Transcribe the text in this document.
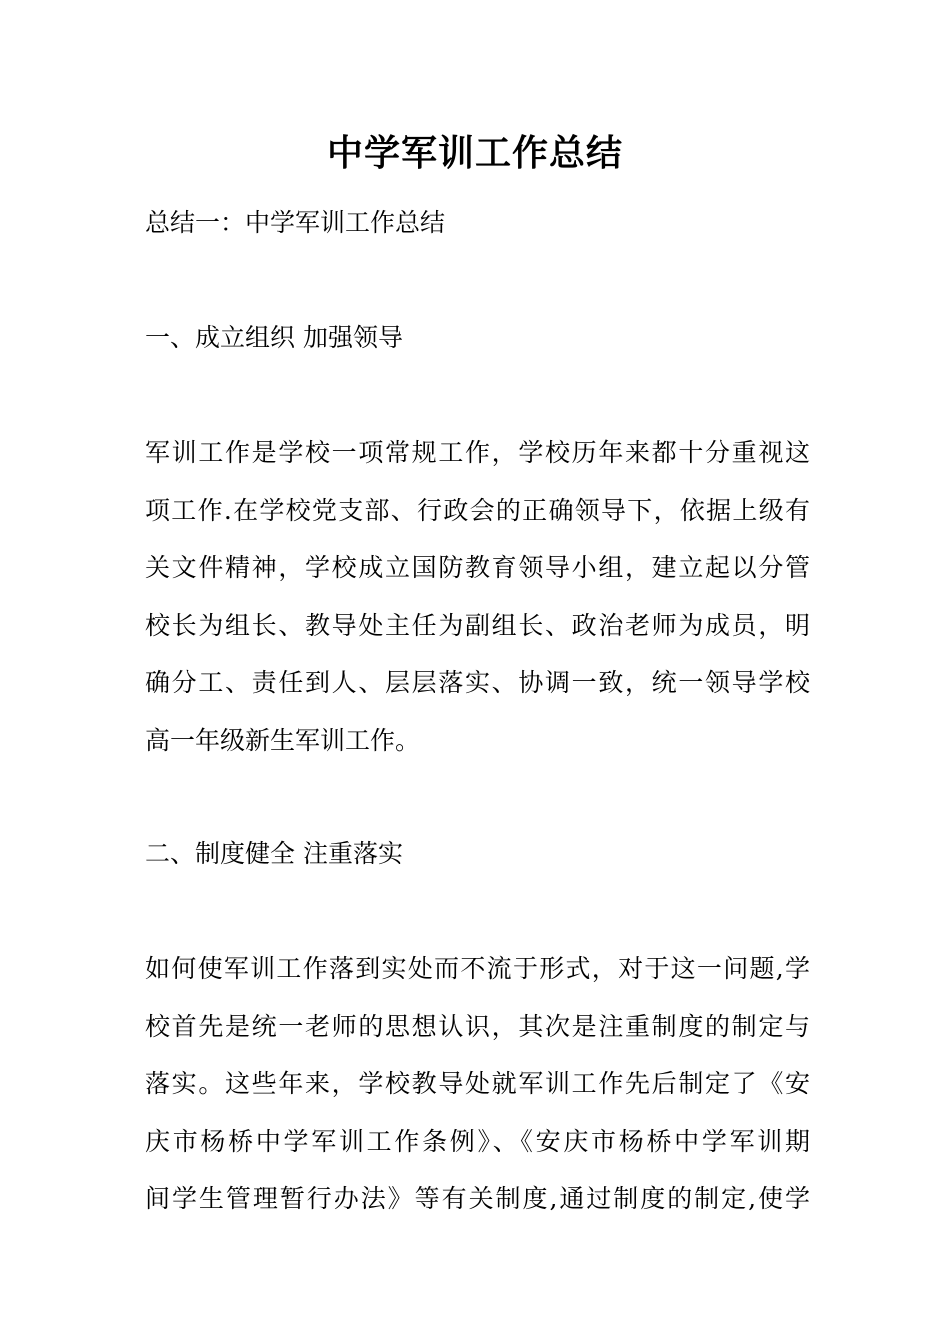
中学军训工作总结
总结一：中学军训工作总结
一、成立组织 加强领导
军训工作是学校一项常规工作，学校历年来都十分重视这
项工作.在学校党支部、行政会的正确领导下，依据上级有
关文件精神，学校成立国防教育领导小组，建立起以分管
校长为组长、教导处主任为副组长、政治老师为成员，明
确分工、责任到人、层层落实、协调一致，统一领导学校
高一年级新生军训工作。
二、制度健全 注重落实
如何使军训工作落到实处而不流于形式，对于这一问题,学
校首先是统一老师的思想认识，其次是注重制度的制定与
落实。这些年来，学校教导处就军训工作先后制定了《安
庆市杨桥中学军训工作条例》、《安庆市杨桥中学军训期
间学生管理暂行办法》等有关制度,通过制度的制定,使学
